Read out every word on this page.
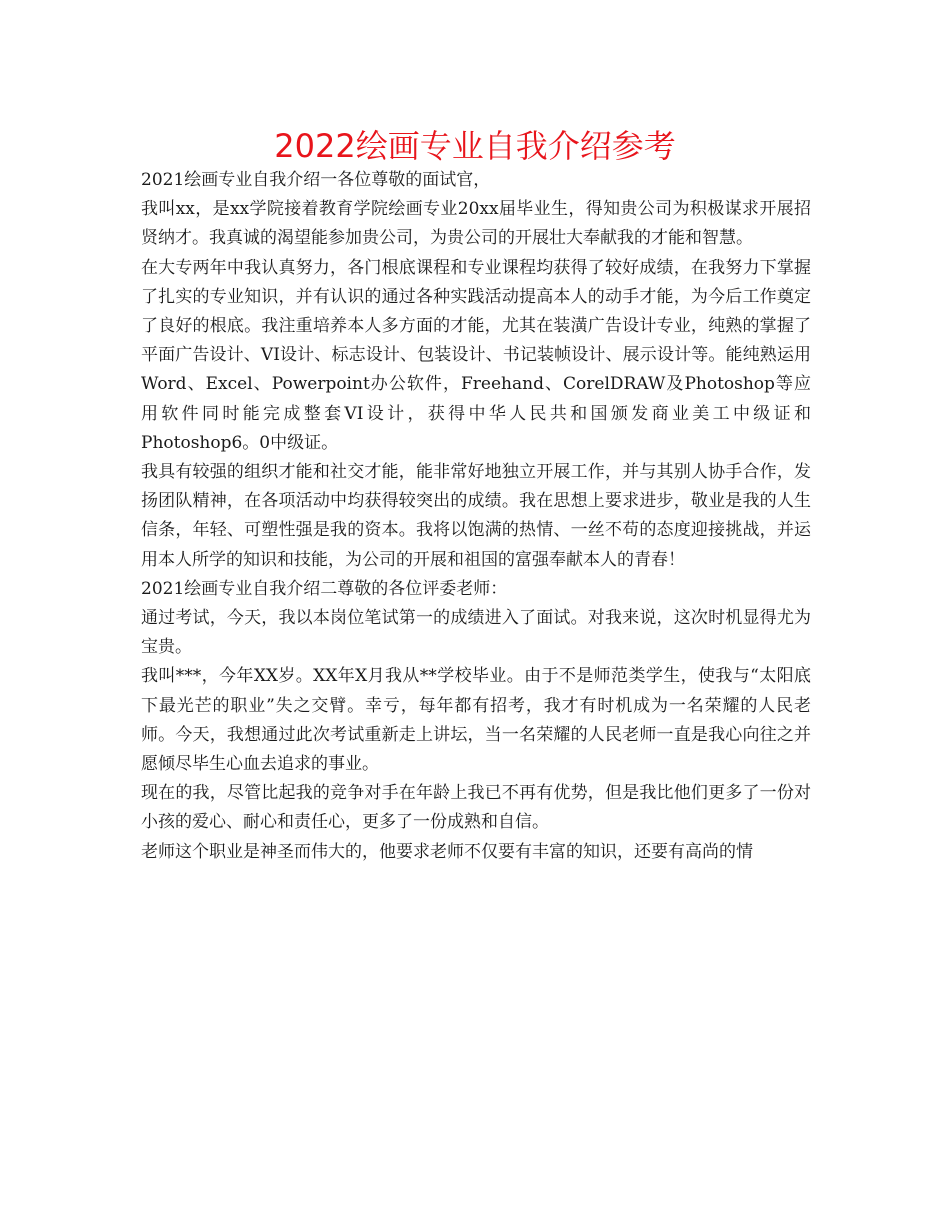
2022绘画专业自我介绍参考

2021绘画专业自我介绍一各位尊敬的面试官，

我叫xx，是xx学院接着教育学院绘画专业20xx届毕业生，得知贵公司为积极谋求开展招贤纳才。我真诚的渴望能参加贵公司，为贵公司的开展壮大奉献我的才能和智慧。

在大专两年中我认真努力，各门根底课程和专业课程均获得了较好成绩，在我努力下掌握了扎实的专业知识，并有认识的通过各种实践活动提高本人的动手才能，为今后工作奠定了良好的根底。我注重培养本人多方面的才能，尤其在装潢广告设计专业，纯熟的掌握了平面广告设计、VI设计、标志设计、包装设计、书记装帧设计、展示设计等。能纯熟运用Word、Excel、Powerpoint办公软件，Freehand、CorelDRAW及Photoshop等应用软件同时能完成整套VI设计，获得中华人民共和国颁发商业美工中级证和Photoshop6。0中级证。

我具有较强的组织才能和社交才能，能非常好地独立开展工作，并与其别人协手合作，发扬团队精神，在各项活动中均获得较突出的成绩。我在思想上要求进步，敬业是我的人生信条，年轻、可塑性强是我的资本。我将以饱满的热情、一丝不苟的态度迎接挑战，并运用本人所学的知识和技能，为公司的开展和祖国的富强奉献本人的青春！

2021绘画专业自我介绍二尊敬的各位评委老师：

通过考试，今天，我以本岗位笔试第一的成绩进入了面试。对我来说，这次时机显得尤为宝贵。

我叫***，今年XX岁。XX年X月我从**学校毕业。由于不是师范类学生，使我与“太阳底下最光芒的职业”失之交臂。幸亏，每年都有招考，我才有时机成为一名荣耀的人民老师。今天，我想通过此次考试重新走上讲坛，当一名荣耀的人民老师一直是我心向往之并愿倾尽毕生心血去追求的事业。

现在的我，尽管比起我的竞争对手在年龄上我已不再有优势，但是我比他们更多了一份对小孩的爱心、耐心和责任心，更多了一份成熟和自信。

老师这个职业是神圣而伟大的，他要求老师不仅要有丰富的知识，还要有高尚的情
